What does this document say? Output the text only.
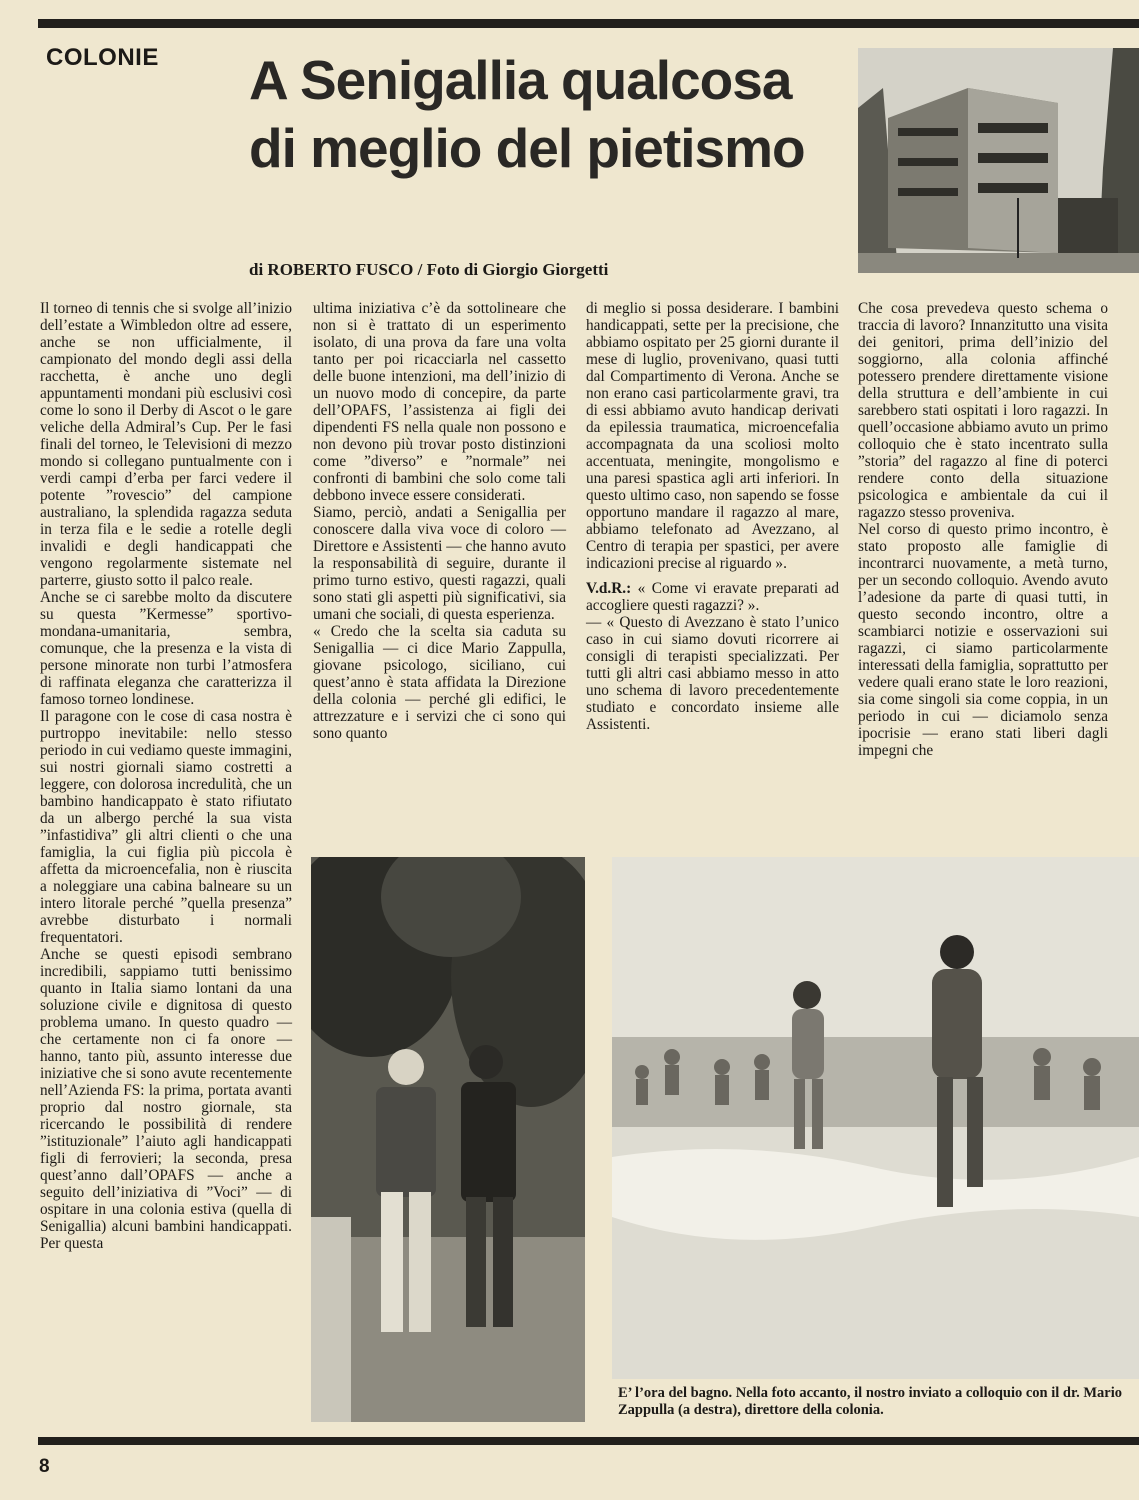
COLONIE A Senigallia qualcosa di meglio del pietismo
di ROBERTO FUSCO / Foto di Giorgio Giorgetti

Il torneo di tennis che si svolge all’inizio dell’estate a Wimbledon oltre ad essere, anche se non ufficialmente, il campionato del mondo degli assi della racchetta, è anche uno degli appuntamenti mondani più esclusivi così come lo sono il Derby di Ascot o le gare veliche della Admiral’s Cup. Per le fasi finali del torneo, le Televisioni di mezzo mondo si collegano puntualmente con i verdi campi d’erba per farci vedere il potente ”rovescio” del campione australiano, la splendida ragazza seduta in terza fila e le sedie a rotelle degli invalidi e degli handicappati che vengono regolarmente sistemate nel parterre, giusto sotto il palco reale.

Anche se ci sarebbe molto da discutere su questa ”Kermesse” sportivo-mondana-umanitaria, sembra, comunque, che la presenza e la vista di persone minorate non turbi l’atmosfera di raffinata eleganza che caratterizza il famoso torneo londinese.

Il paragone con le cose di casa nostra è purtroppo inevitabile: nello stesso periodo in cui vediamo queste immagini, sui nostri giornali siamo costretti a leggere, con dolorosa incredulità, che un bambino handicappato è stato rifiutato da un albergo perché la sua vista ”infastidiva” gli altri clienti o che una famiglia, la cui figlia più piccola è affetta da microencefalia, non è riuscita a noleggiare una cabina balneare su un intero litorale perché ”quella presenza” avrebbe disturbato i normali frequentatori.

Anche se questi episodi sembrano incredibili, sappiamo tutti benissimo quanto in Italia siamo lontani da una soluzione civile e dignitosa di questo problema umano. In questo quadro — che certamente non ci fa onore — hanno, tanto più, assunto interesse due iniziative che si sono avute recentemente nell’Azienda FS: la prima, portata avanti proprio dal nostro giornale, sta ricercando le possibilità di rendere ”istituzionale” l’aiuto agli handicappati figli di ferrovieri; la seconda, presa quest’anno dall’OPAFS — anche a seguito dell’iniziativa di ”Voci” — di ospitare in una colonia estiva (quella di Senigallia) alcuni bambini handicappati. Per questa

ultima iniziativa c’è da sottolineare che non si è trattato di un esperimento isolato, di una prova da fare una volta tanto per poi ricacciarla nel cassetto delle buone intenzioni, ma dell’inizio di un nuovo modo di concepire, da parte dell’OPAFS, l’assistenza ai figli dei dipendenti FS nella quale non possono e non devono più trovar posto distinzioni come ”diverso” e ”normale” nei confronti di bambini che solo come tali debbono invece essere considerati.

Siamo, perciò, andati a Senigallia per conoscere dalla viva voce di coloro — Direttore e Assistenti — che hanno avuto la responsabilità di seguire, durante il primo turno estivo, questi ragazzi, quali sono stati gli aspetti più significativi, sia umani che sociali, di questa esperienza.

« Credo che la scelta sia caduta su Senigallia — ci dice Mario Zappulla, giovane psicologo, siciliano, cui quest’anno è stata affidata la Direzione della colonia — perché gli edifici, le attrezzature e i servizi che ci sono qui sono quanto

di meglio si possa desiderare. I bambini handicappati, sette per la precisione, che abbiamo ospitato per 25 giorni durante il mese di luglio, provenivano, quasi tutti dal Compartimento di Verona. Anche se non erano casi particolarmente gravi, tra di essi abbiamo avuto handicap derivati da epilessia traumatica, microencefalia accompagnata da una scoliosi molto accentuata, meningite, mongolismo e una paresi spastica agli arti inferiori. In questo ultimo caso, non sapendo se fosse opportuno mandare il ragazzo al mare, abbiamo telefonato ad Avezzano, al Centro di terapia per spastici, per avere indicazioni precise al riguardo ».

V.d.R.: « Come vi eravate preparati ad accogliere questi ragazzi? ».

— « Questo di Avezzano è stato l’unico caso in cui siamo dovuti ricorrere ai consigli di terapisti specializzati. Per tutti gli altri casi abbiamo messo in atto uno schema di lavoro precedentemente studiato e concordato insieme alle Assistenti.

Che cosa prevedeva questo schema o traccia di lavoro? Innanzitutto una visita dei genitori, prima dell’inizio del soggiorno, alla colonia affinché potessero prendere direttamente visione della struttura e dell’ambiente in cui sarebbero stati ospitati i loro ragazzi. In quell’occasione abbiamo avuto un primo colloquio che è stato incentrato sulla ”storia” del ragazzo al fine di poterci rendere conto della situazione psicologica e ambientale da cui il ragazzo stesso proveniva.

Nel corso di questo primo incontro, è stato proposto alle famiglie di incontrarci nuovamente, a metà turno, per un secondo colloquio. Avendo avuto l’adesione da parte di quasi tutti, in questo secondo incontro, oltre a scambiarci notizie e osservazioni sui ragazzi, ci siamo particolarmente interessati della famiglia, soprattutto per vedere quali erano state le loro reazioni, sia come singoli sia come coppia, in un periodo in cui — diciamolo senza ipocrisie — erano stati liberi dagli impegni che

E’ l’ora del bagno. Nella foto accanto, il nostro inviato a colloquio con il dr. Mario Zappulla (a destra), direttore della colonia.

8
